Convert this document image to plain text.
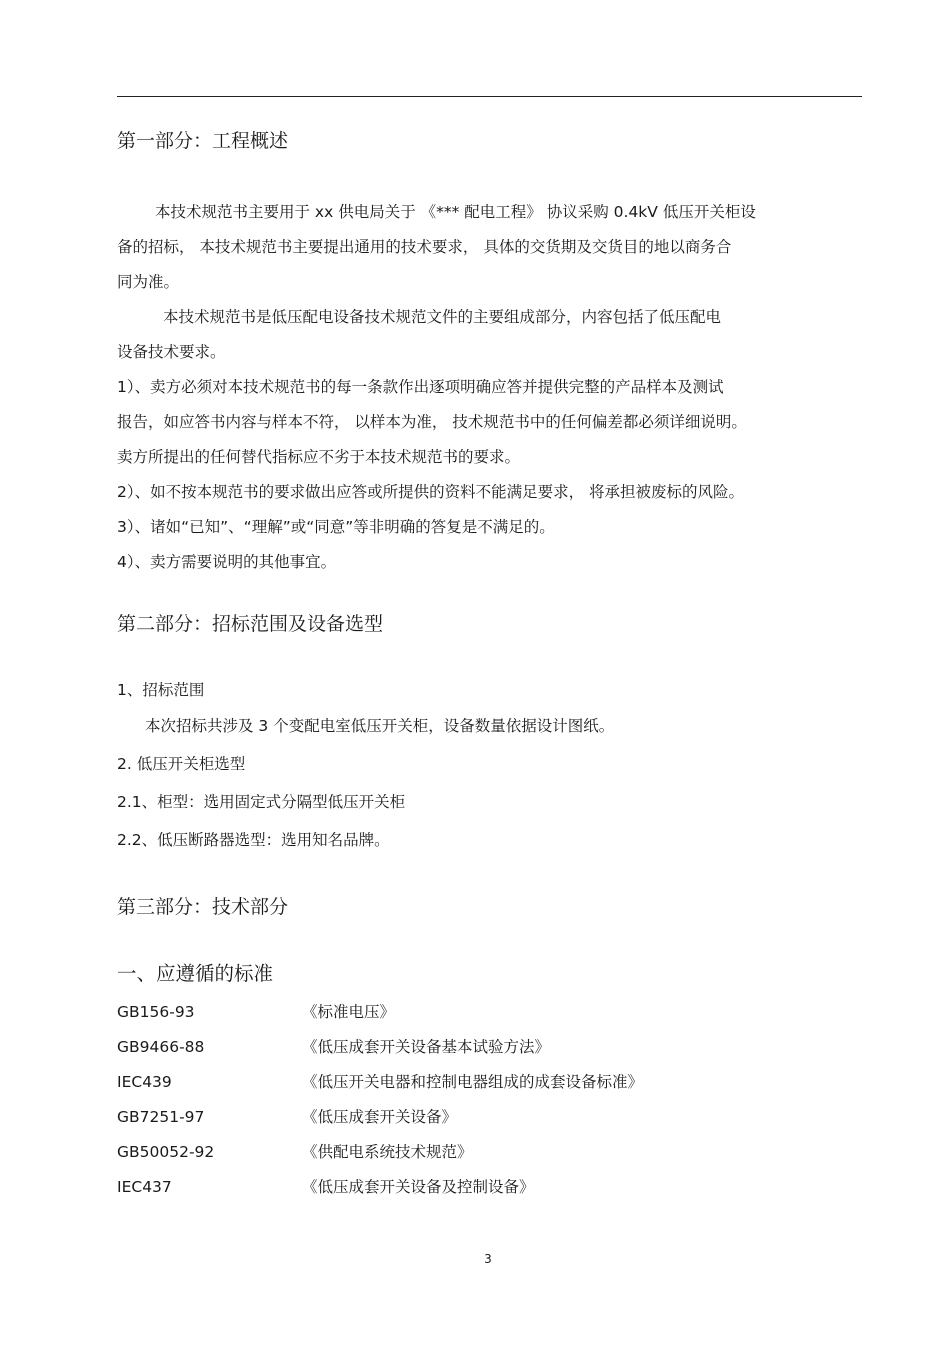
第一部分：工程概述
本技术规范书主要用于 xx 供电局关于 《*** 配电工程》 协议采购 0.4kV 低压开关柜设
备的招标， 本技术规范书主要提出通用的技术要求， 具体的交货期及交货目的地以商务合
同为准。
本技术规范书是低压配电设备技术规范文件的主要组成部分，内容包括了低压配电
设备技术要求。
1）、卖方必须对本技术规范书的每一条款作出逐项明确应答并提供完整的产品样本及测试
报告，如应答书内容与样本不符， 以样本为准， 技术规范书中的任何偏差都必须详细说明。
卖方所提出的任何替代指标应不劣于本技术规范书的要求。
2）、如不按本规范书的要求做出应答或所提供的资料不能满足要求， 将承担被废标的风险。
3）、诸如“已知”、“理解”或“同意”等非明确的答复是不满足的。
4）、卖方需要说明的其他事宜。
第二部分：招标范围及设备选型
1、招标范围
本次招标共涉及 3 个变配电室低压开关柜，设备数量依据设计图纸。
2. 低压开关柜选型
2.1、柜型：选用固定式分隔型低压开关柜
2.2、低压断路器选型：选用知名品牌。
第三部分：技术部分
一、应遵循的标准
GB156-93	《标准电压》
GB9466-88	《低压成套开关设备基本试验方法》
IEC439	《低压开关电器和控制电器组成的成套设备标准》
GB7251-97	《低压成套开关设备》
GB50052-92	《供配电系统技术规范》
IEC437	《低压成套开关设备及控制设备》
3
